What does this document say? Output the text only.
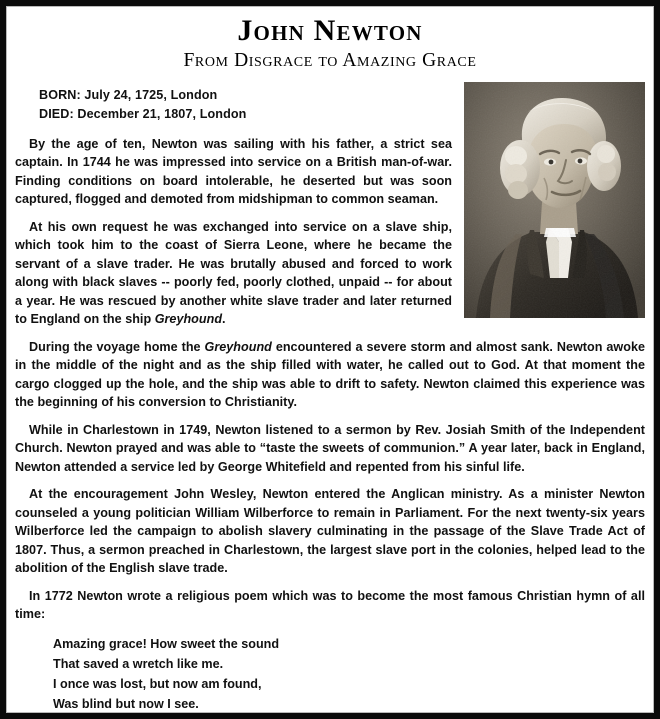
John Newton
From Disgrace to Amazing Grace
BORN: July 24, 1725, London
DIED: December 21, 1807, London

By the age of ten, Newton was sailing with his father, a strict sea captain. In 1744 he was impressed into service on a British man-of-war. Finding conditions on board intolerable, he deserted but was soon captured, flogged and demoted from midshipman to common seaman.

At his own request he was exchanged into service on a slave ship, which took him to the coast of Sierra Leone, where he became the servant of a slave trader. He was brutally abused and forced to work along with black slaves -- poorly fed, poorly clothed, unpaid -- for about a year. He was rescued by another white slave trader and later returned to England on the ship Greyhound.

During the voyage home the Greyhound encountered a severe storm and almost sank. Newton awoke in the middle of the night and as the ship filled with water, he called out to God. At that moment the cargo clogged up the hole, and the ship was able to drift to safety. Newton claimed this experience was the beginning of his conversion to Christianity.

While in Charlestown in 1749, Newton listened to a sermon by Rev. Josiah Smith of the Independent Church. Newton prayed and was able to “taste the sweets of communion.” A year later, back in England, Newton attended a service led by George Whitefield and repented from his sinful life.

At the encouragement John Wesley, Newton entered the Anglican ministry. As a minister Newton counseled a young politician William Wilberforce to remain in Parliament. For the next twenty-six years Wilberforce led the campaign to abolish slavery culminating in the passage of the Slave Trade Act of 1807. Thus, a sermon preached in Charlestown, the largest slave port in the colonies, helped lead to the abolition of the English slave trade.

In 1772 Newton wrote a religious poem which was to become the most famous Christian hymn of all time:

Amazing grace! How sweet the sound
That saved a wretch like me.
I once was lost, but now am found,
Was blind but now I see.
